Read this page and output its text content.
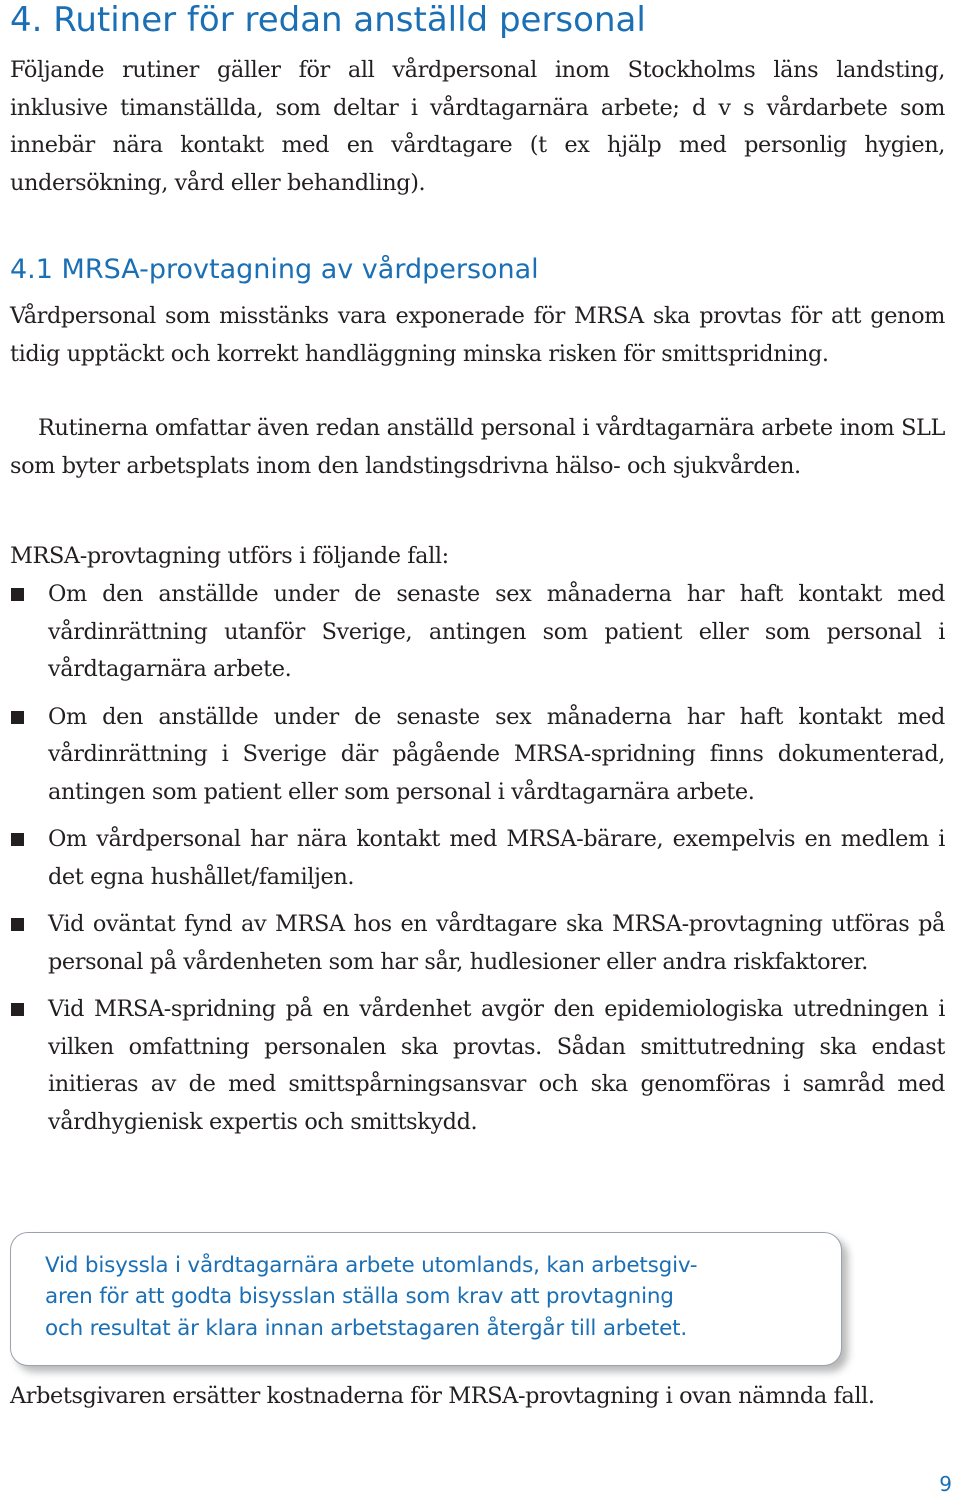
4. Rutiner för redan anställd personal

Följande rutiner gäller för all vårdpersonal inom Stockholms läns landsting, inklusive timanställda, som deltar i vårdtagarnära arbete; d v s vårdarbete som innebär nära kontakt med en vårdtagare (t ex hjälp med personlig hygien, undersökning, vård eller behandling).

4.1 MRSA-provtagning av vårdpersonal

Vårdpersonal som misstänks vara exponerade för MRSA ska provtas för att genom tidig upptäckt och korrekt handläggning minska risken för smittspridning.

Rutinerna omfattar även redan anställd personal i vårdtagarnära arbete inom SLL som byter arbetsplats inom den landstingsdrivna hälso- och sjukvården.

MRSA-provtagning utförs i följande fall:

Om den anställde under de senaste sex månaderna har haft kontakt med vårdinrättning utanför Sverige, antingen som patient eller som personal i vårdtagarnära arbete.
Om den anställde under de senaste sex månaderna har haft kontakt med vårdinrättning i Sverige där pågående MRSA-spridning finns dokumenterad, antingen som patient eller som personal i vårdtagarnära arbete.
Om vårdpersonal har nära kontakt med MRSA-bärare, exempelvis en medlem i det egna hushållet/familjen.
Vid oväntat fynd av MRSA hos en vårdtagare ska MRSA-provtagning utföras på personal på vårdenheten som har sår, hudlesioner eller andra riskfaktorer.
Vid MRSA-spridning på en vårdenhet avgör den epidemiologiska utredningen i vilken omfattning personalen ska provtas. Sådan smittutredning ska endast initieras av de med smittspårningsansvar och ska genomföras i samråd med vårdhygienisk expertis och smittskydd.

Vid bisyssla i vårdtagarnära arbete utomlands, kan arbetsgiv-
aren för att godta bisysslan ställa som krav att provtagning
och resultat är klara innan arbetstagaren återgår till arbetet.

Arbetsgivaren ersätter kostnaderna för MRSA-provtagning i ovan nämnda fall.

9
